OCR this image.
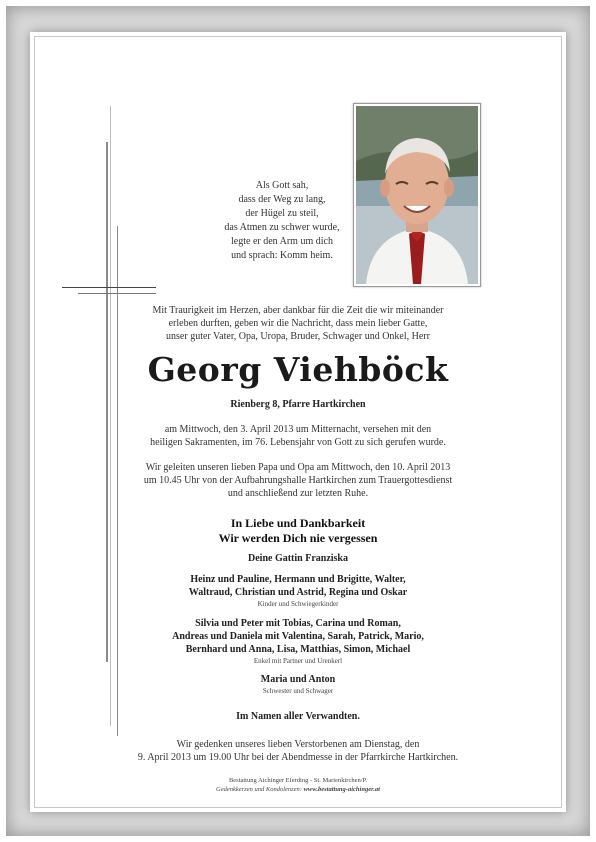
Als Gott sah,
dass der Weg zu lang,
der Hügel zu steil,
das Atmen zu schwer wurde,
legte er den Arm um dich
und sprach: Komm heim.
Mit Traurigkeit im Herzen, aber dankbar für die Zeit die wir miteinander
erleben durften, geben wir die Nachricht, dass mein lieber Gatte,
unser guter Vater, Opa, Uropa, Bruder, Schwager und Onkel, Herr
Georg Viehböck
Rienberg 8, Pfarre Hartkirchen
am Mittwoch, den 3. April 2013 um Mitternacht, versehen mit den
heiligen Sakramenten, im 76. Lebensjahr von Gott zu sich gerufen wurde.
Wir geleiten unseren lieben Papa und Opa am Mittwoch, den 10. April 2013
um 10.45 Uhr von der Aufbahrungshalle Hartkirchen zum Trauergottesdienst
und anschließend zur letzten Ruhe.
In Liebe und Dankbarkeit
Wir werden Dich nie vergessen
Deine Gattin Franziska
Heinz und Pauline, Hermann und Brigitte, Walter,
Waltraud, Christian und Astrid, Regina und Oskar
Kinder und Schwiegerkinder
Silvia und Peter mit Tobias, Carina und Roman,
Andreas und Daniela mit Valentina, Sarah, Patrick, Mario,
Bernhard und Anna, Lisa, Matthias, Simon, Michael
Enkel mit Partner und Urenkerl
Maria und Anton
Schwester und Schwager
Im Namen aller Verwandten.
Wir gedenken unseres lieben Verstorbenen am Dienstag, den
9. April 2013 um 19.00 Uhr bei der Abendmesse in der Pfarrkirche Hartkirchen.
Bestattung Aichinger Eferding - St. Marienkirchen/P.
Gedenkkerzen und Kondolenzen: www.bestattung-aichinger.at
